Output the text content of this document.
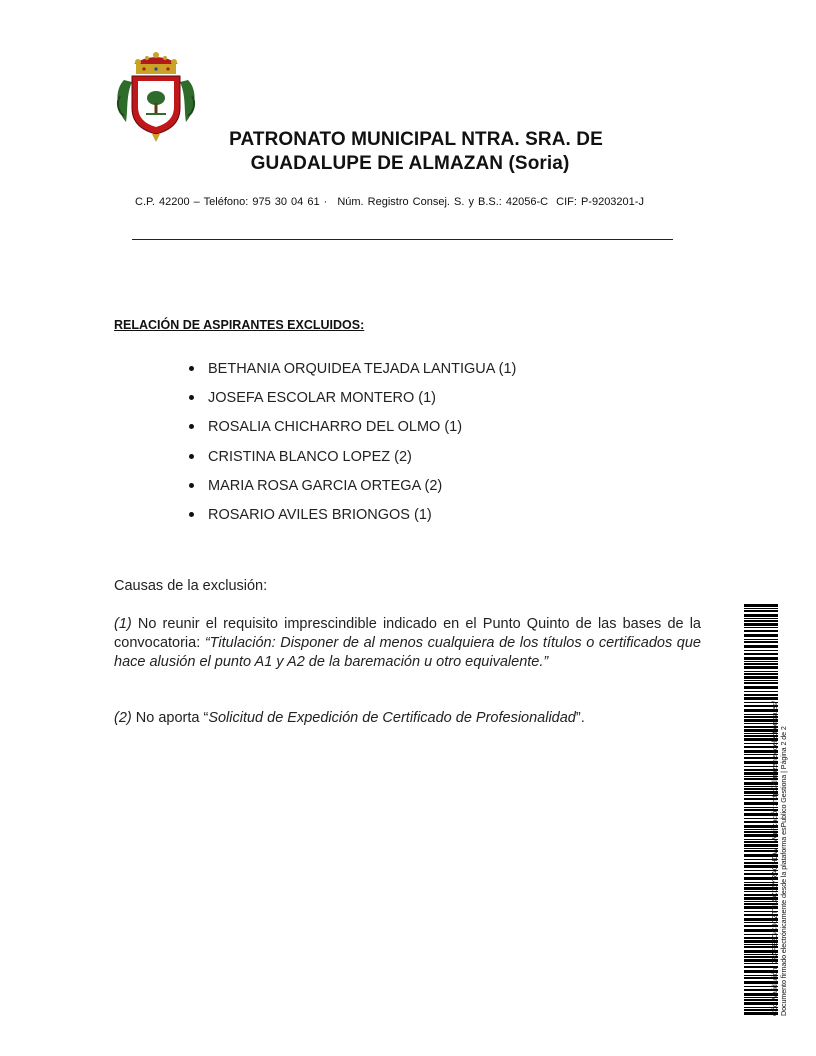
PATRONATO MUNICIPAL NTRA. SRA. DE
GUADALUPE DE ALMAZAN (Soria)
C.P. 42200 – Teléfono: 975 30 04 61 · Núm. Registro Consej. S. y B.S.: 42056-C CIF: P-9203201-J
RELACIÓN DE ASPIRANTES EXCLUIDOS:
BETHANIA ORQUIDEA TEJADA LANTIGUA (1)
JOSEFA ESCOLAR MONTERO (1)
ROSALIA CHICHARRO DEL OLMO (1)
CRISTINA BLANCO LOPEZ (2)
MARIA ROSA GARCIA ORTEGA (2)
ROSARIO AVILES BRIONGOS (1)
Causas de la exclusión:
(1) No reunir el requisito imprescindible indicado en el Punto Quinto de las bases de la convocatoria: “Titulación: Disponer de al menos cualquiera de los títulos o certificados que hace alusión el punto A1 y A2 de la baremación u otro equivalente.”
(2) No aporta “Solicitud de Expedición de Certificado de Profesionalidad”.	Cód. Validación: 7PAFE2GC3CZTTLXCJ6YRAGHDW | Verificación: http://almazan.sedelectronica.es/ Documento firmado electrónicamente desde la plataforma esPublico Gestiona | Página 2 de 2
